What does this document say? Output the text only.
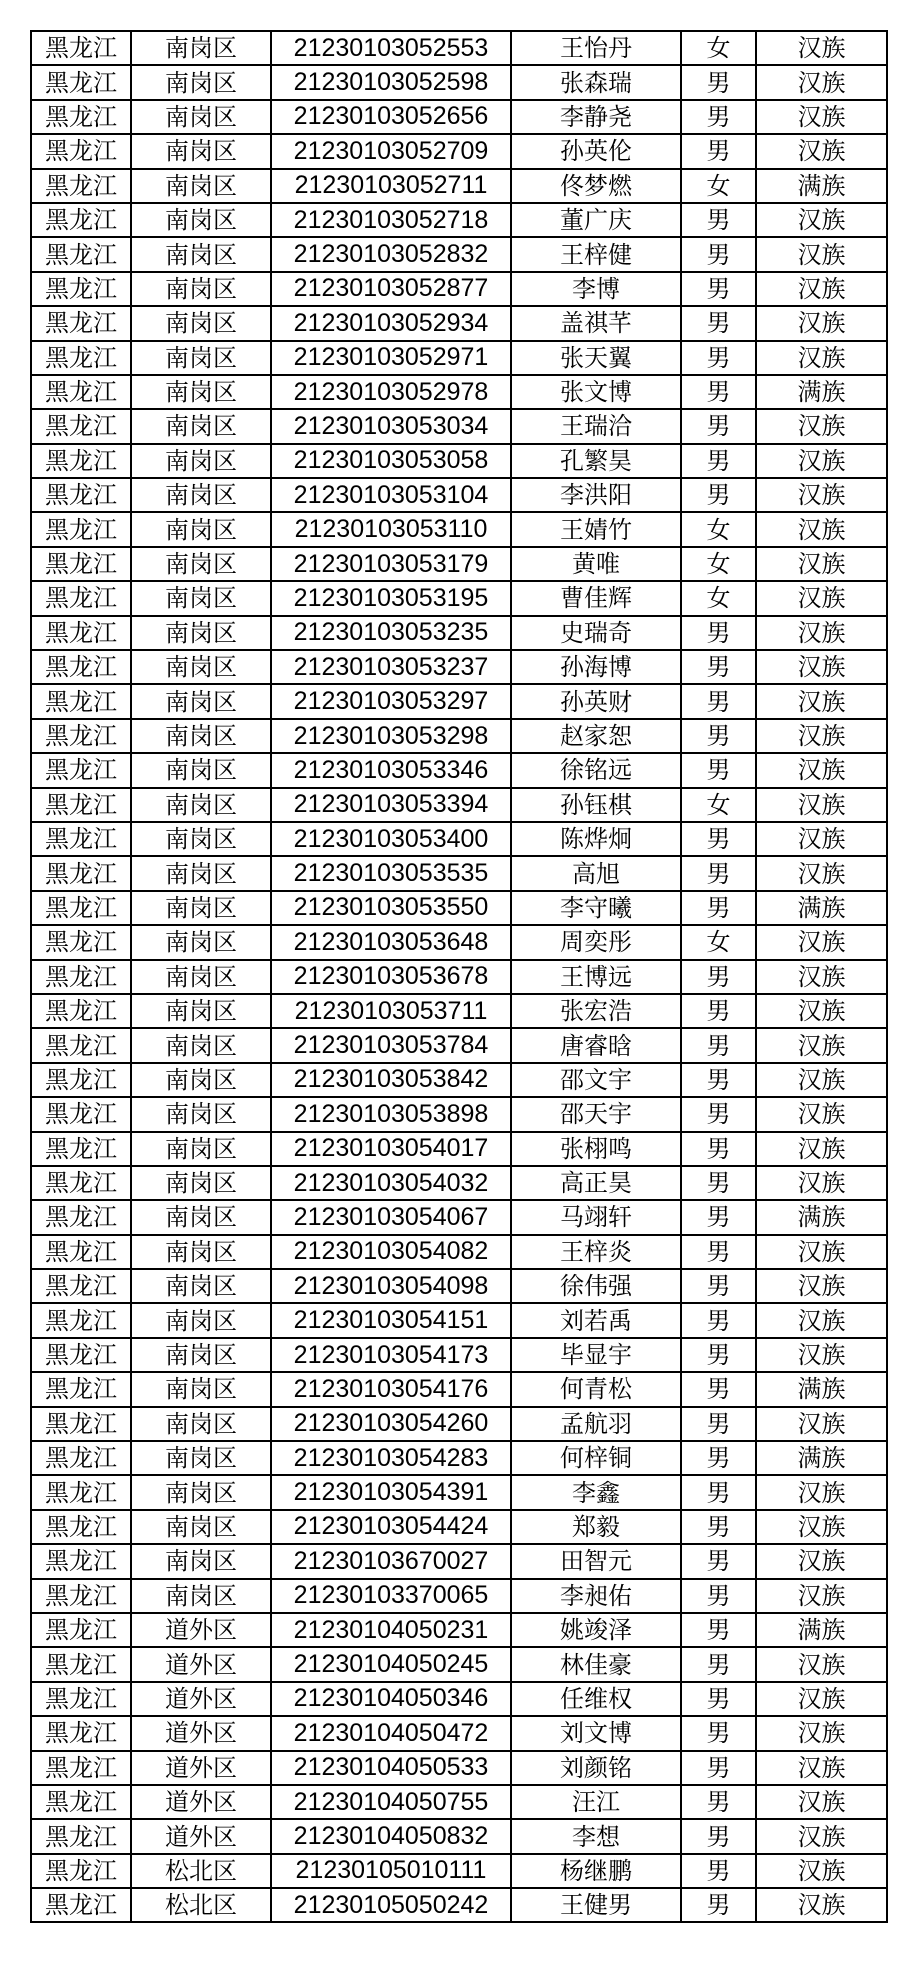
黑龙江	南岗区	21230103052553	王怡丹	女	汉族
黑龙江	南岗区	21230103052598	张森瑞	男	汉族
黑龙江	南岗区	21230103052656	李静尧	男	汉族
黑龙江	南岗区	21230103052709	孙英伦	男	汉族
黑龙江	南岗区	21230103052711	佟梦燃	女	满族
黑龙江	南岗区	21230103052718	董广庆	男	汉族
黑龙江	南岗区	21230103052832	王梓健	男	汉族
黑龙江	南岗区	21230103052877	李博	男	汉族
黑龙江	南岗区	21230103052934	盖祺芊	男	汉族
黑龙江	南岗区	21230103052971	张天翼	男	汉族
黑龙江	南岗区	21230103052978	张文博	男	满族
黑龙江	南岗区	21230103053034	王瑞洽	男	汉族
黑龙江	南岗区	21230103053058	孔繁昊	男	汉族
黑龙江	南岗区	21230103053104	李洪阳	男	汉族
黑龙江	南岗区	21230103053110	王婧竹	女	汉族
黑龙江	南岗区	21230103053179	黄唯	女	汉族
黑龙江	南岗区	21230103053195	曹佳辉	女	汉族
黑龙江	南岗区	21230103053235	史瑞奇	男	汉族
黑龙江	南岗区	21230103053237	孙海博	男	汉族
黑龙江	南岗区	21230103053297	孙英财	男	汉族
黑龙江	南岗区	21230103053298	赵家恕	男	汉族
黑龙江	南岗区	21230103053346	徐铭远	男	汉族
黑龙江	南岗区	21230103053394	孙钰棋	女	汉族
黑龙江	南岗区	21230103053400	陈烨炯	男	汉族
黑龙江	南岗区	21230103053535	高旭	男	汉族
黑龙江	南岗区	21230103053550	李守曦	男	满族
黑龙江	南岗区	21230103053648	周奕彤	女	汉族
黑龙江	南岗区	21230103053678	王博远	男	汉族
黑龙江	南岗区	21230103053711	张宏浩	男	汉族
黑龙江	南岗区	21230103053784	唐睿晗	男	汉族
黑龙江	南岗区	21230103053842	邵文宇	男	汉族
黑龙江	南岗区	21230103053898	邵天宇	男	汉族
黑龙江	南岗区	21230103054017	张栩鸣	男	汉族
黑龙江	南岗区	21230103054032	高正昊	男	汉族
黑龙江	南岗区	21230103054067	马翊轩	男	满族
黑龙江	南岗区	21230103054082	王梓炎	男	汉族
黑龙江	南岗区	21230103054098	徐伟强	男	汉族
黑龙江	南岗区	21230103054151	刘若禹	男	汉族
黑龙江	南岗区	21230103054173	毕显宇	男	汉族
黑龙江	南岗区	21230103054176	何青松	男	满族
黑龙江	南岗区	21230103054260	孟航羽	男	汉族
黑龙江	南岗区	21230103054283	何梓铜	男	满族
黑龙江	南岗区	21230103054391	李鑫	男	汉族
黑龙江	南岗区	21230103054424	郑毅	男	汉族
黑龙江	南岗区	21230103670027	田智元	男	汉族
黑龙江	南岗区	21230103370065	李昶佑	男	汉族
黑龙江	道外区	21230104050231	姚竣泽	男	满族
黑龙江	道外区	21230104050245	林佳豪	男	汉族
黑龙江	道外区	21230104050346	任维权	男	汉族
黑龙江	道外区	21230104050472	刘文博	男	汉族
黑龙江	道外区	21230104050533	刘颜铭	男	汉族
黑龙江	道外区	21230104050755	汪江	男	汉族
黑龙江	道外区	21230104050832	李想	男	汉族
黑龙江	松北区	21230105010111	杨继鹏	男	汉族
黑龙江	松北区	21230105050242	王健男	男	汉族
